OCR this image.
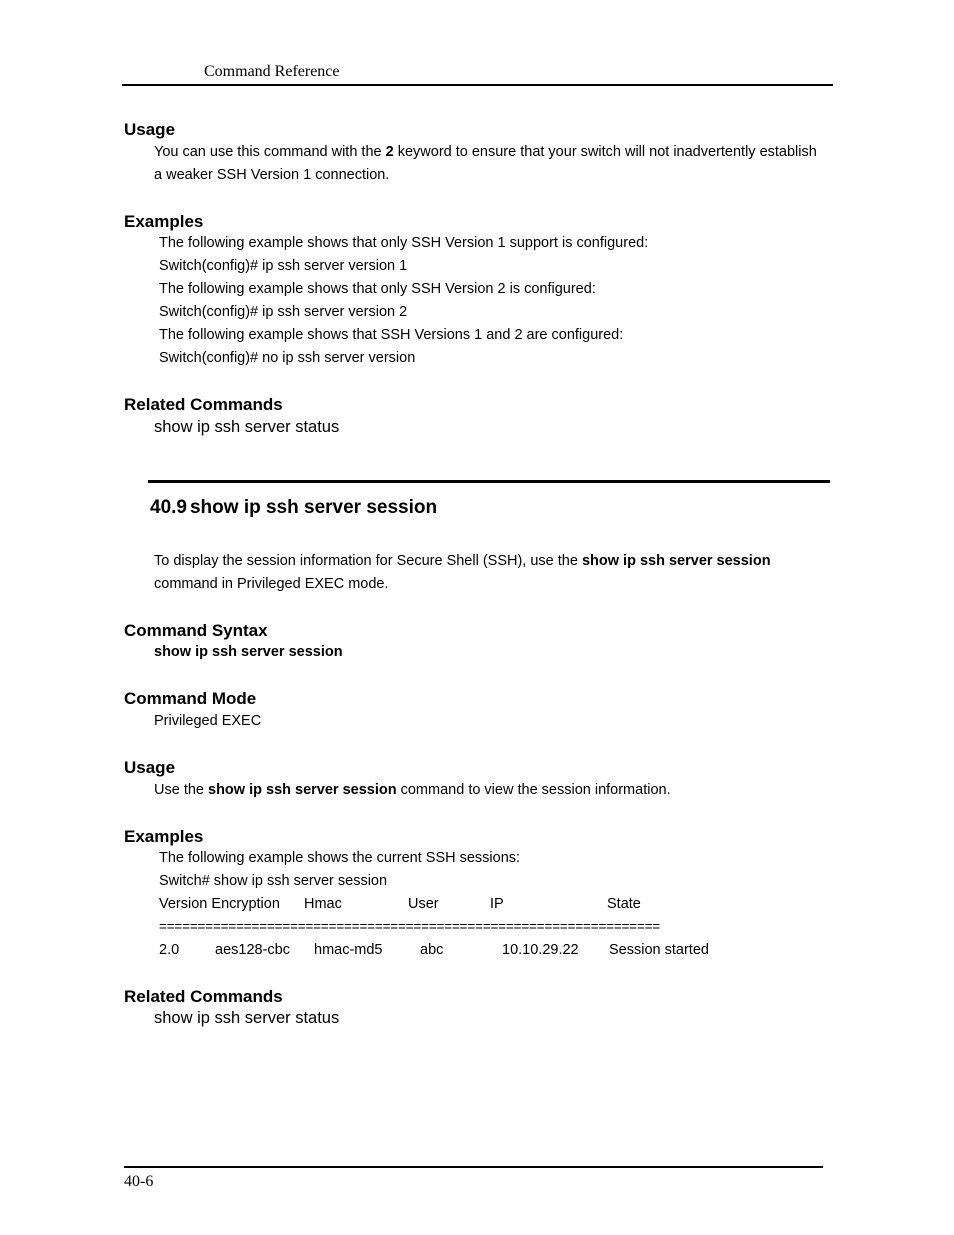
Command Reference
Usage
You can use this command with the 2 keyword to ensure that your switch will not inadvertently establish
a weaker SSH Version 1 connection.
Examples
The following example shows that only SSH Version 1 support is configured:
Switch(config)# ip ssh server version 1
The following example shows that only SSH Version 2 is configured:
Switch(config)# ip ssh server version 2
The following example shows that SSH Versions 1 and 2 are configured:
Switch(config)# no ip ssh server version
Related Commands
show ip ssh server status
40.9 show ip ssh server session
To display the session information for Secure Shell (SSH), use the show ip ssh server session
command in Privileged EXEC mode.
Command Syntax
show ip ssh server session
Command Mode
Privileged EXEC
Usage
Use the show ip ssh server session command to view the session information.
Examples
The following example shows the current SSH sessions:
Switch# show ip ssh server session
Version Encryption Hmac	User	IP	State
=================================================================
2.0 aes128-cbc hmac-md5	abc	10.10.29.22 Session started
Related Commands
show ip ssh server status
40-6
